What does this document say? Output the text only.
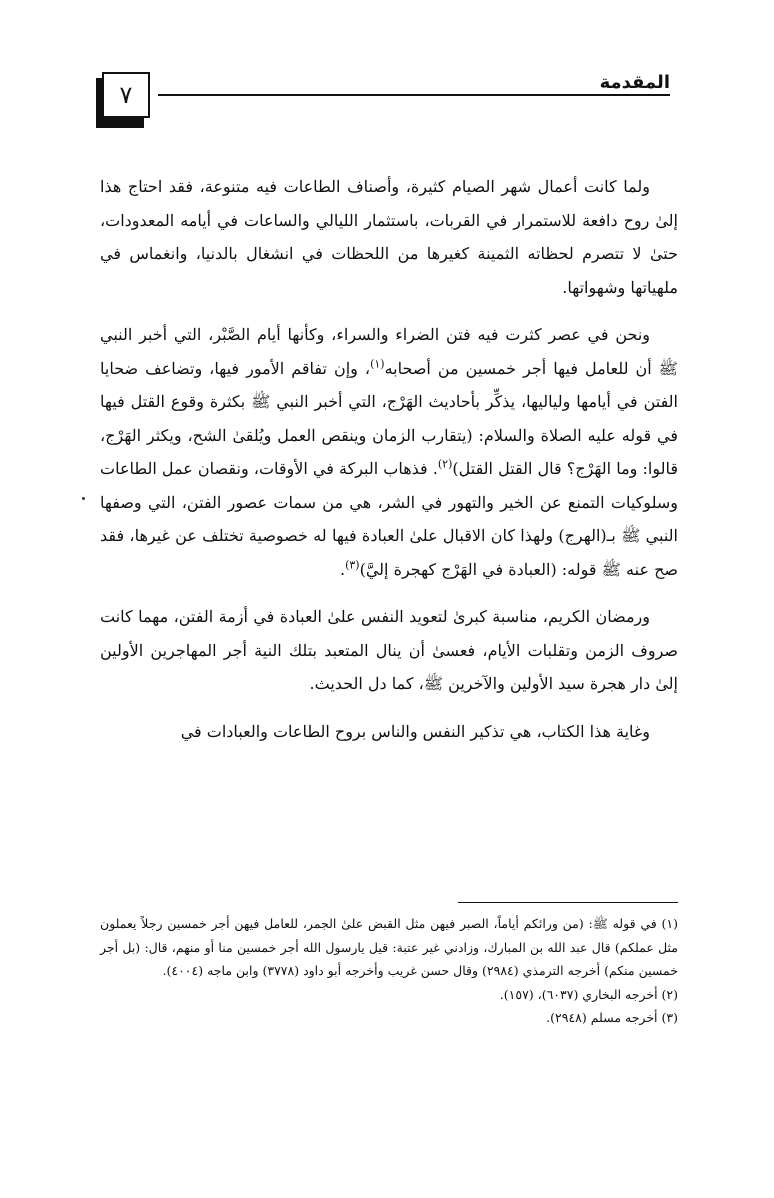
٧	المقدمة

ولما كانت أعمال شهر الصيام كثيرة، وأصناف الطاعات فيه متنوعة، فقد احتاج هذا إلىٰ روح دافعة للاستمرار في القربات، باستثمار الليالي والساعات في أيامه المعدودات، حتىٰ لا تتصرم لحظاته الثمينة كغيرها من اللحظات في انشغال بالدنيا، وانغماس في ملهياتها وشهواتها.

ونحن في عصر كثرت فيه فتن الضراء والسراء، وكأنها أيام الصَّبْر، التي أخبر النبي ﷺ أن للعامل فيها أجر خمسين من أصحابه$^{(١)}$، وإن تفاقم الأمور فيها، وتضاعف ضحايا الفتن في أيامها ولياليها، يذكِّر بأحاديث الهَرْج، التي أخبر النبي ﷺ بكثرة وقوع القتل فيها في قوله عليه الصلاة والسلام: (يتقارب الزمان وينقص العمل ويُلقىٰ الشح، ويكثر الهَرْج، قالوا: وما الهَرْج؟ قال القتل القتل)$^{(٢)}$. فذهاب البركة في الأوقات، ونقصان عمل الطاعات وسلوكيات التمنع عن الخير والتهور في الشر، هي من سمات عصور الفتن، التي وصفها النبي ﷺ بـ(الهرج) ولهذا كان الاقبال علىٰ العبادة فيها له خصوصية تختلف عن غيرها، فقد صح عنه ﷺ قوله: (العبادة في الهَرْج كهجرة إليَّ)$^{(٣)}$.

ورمضان الكريم، مناسبة كبرىٰ لتعويد النفس علىٰ العبادة في أزمة الفتن، مهما كانت صروف الزمن وتقلبات الأيام، فعسىٰ أن ينال المتعبد بتلك النية أجر المهاجرين الأولين إلىٰ دار هجرة سيد الأولين والآخرين ﷺ، كما دل الحديث.

وغاية هذا الكتاب، هي تذكير النفس والناس بروح الطاعات والعبادات في

(١) في قوله ﷺ: (من ورائكم أياماً، الصبر فيهن مثل القبض علىٰ الجمر، للعامل فيهن أجر خمسين رجلاً يعملون مثل عملكم) قال عبد الله بن المبارك، وزادني غير عتبة: قيل يارسول الله أجر خمسين منا أو منهم، قال: (بل أجر خمسين منكم) أخرجه الترمذي (٢٩٨٤) وقال حسن غريب وأخرجه أبو داود (٣٧٧٨) وابن ماجه (٤٠٠٤).

(٢) أخرجه البخاري (٦٠٣٧)، (١٥٧).

(٣) أخرجه مسلم (٢٩٤٨).
